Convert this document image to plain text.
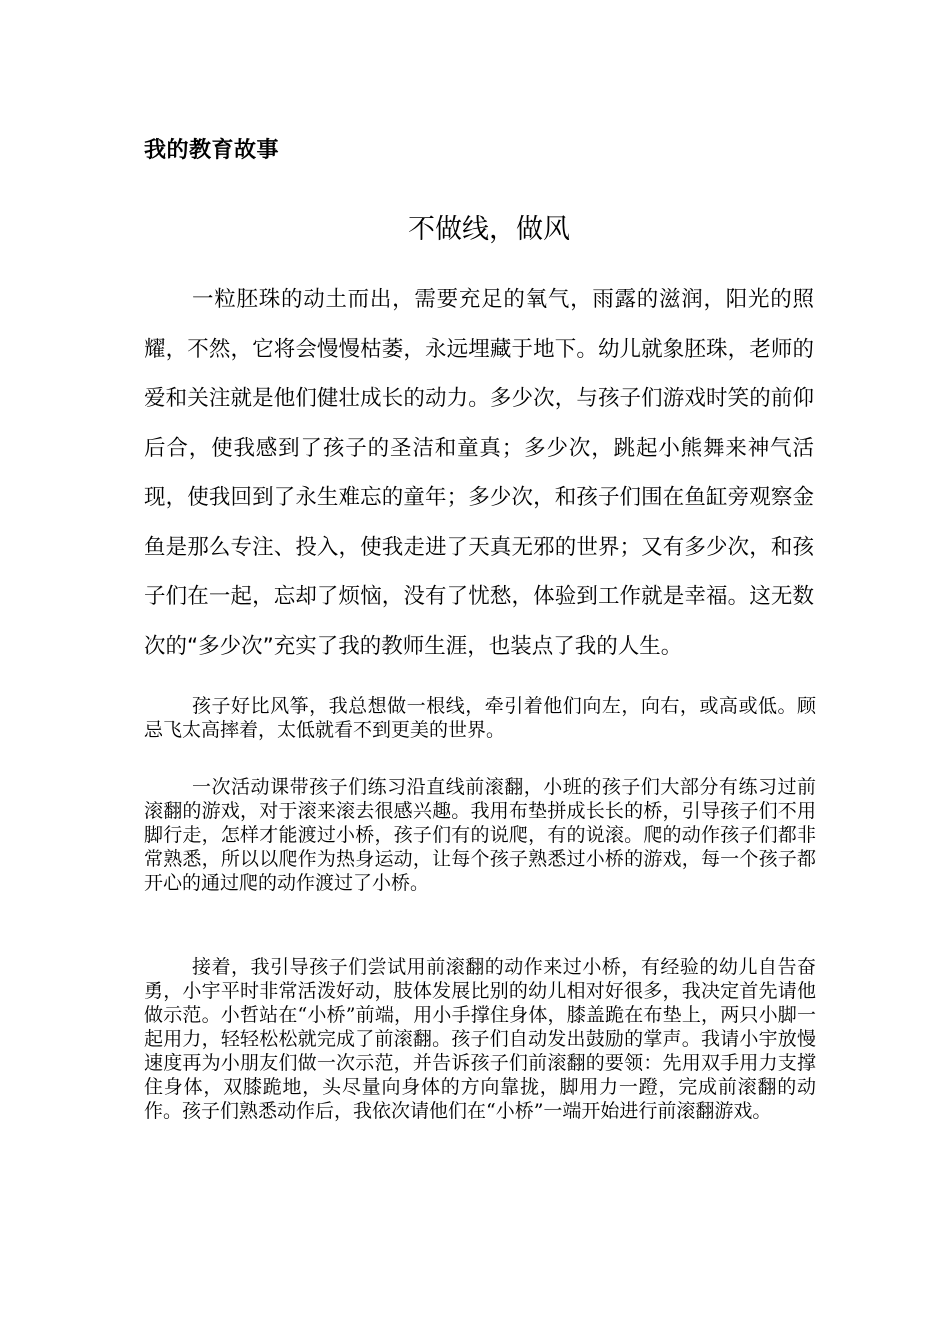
我的教育故事
不做线，做风

一粒胚珠的动土而出，需要充足的氧气，雨露的滋润，阳光的照耀，不然，它将会慢慢枯萎，永远埋藏于地下。幼儿就象胚珠，老师的爱和关注就是他们健壮成长的动力。多少次，与孩子们游戏时笑的前仰后合，使我感到了孩子的圣洁和童真；多少次，跳起小熊舞来神气活现，使我回到了永生难忘的童年；多少次，和孩子们围在鱼缸旁观察金鱼是那么专注、投入，使我走进了天真无邪的世界；又有多少次，和孩子们在一起，忘却了烦恼，没有了忧愁，体验到工作就是幸福。这无数次的“多少次”充实了我的教师生涯，也装点了我的人生。

孩子好比风筝，我总想做一根线，牵引着他们向左，向右，或高或低。顾忌飞太高摔着，太低就看不到更美的世界。

一次活动课带孩子们练习沿直线前滚翻，小班的孩子们大部分有练习过前滚翻的游戏，对于滚来滚去很感兴趣。我用布垫拼成长长的桥，引导孩子们不用脚行走，怎样才能渡过小桥，孩子们有的说爬，有的说滚。爬的动作孩子们都非常熟悉，所以以爬作为热身运动，让每个孩子熟悉过小桥的游戏，每一个孩子都开心的通过爬的动作渡过了小桥。

接着，我引导孩子们尝试用前滚翻的动作来过小桥，有经验的幼儿自告奋勇，小宇平时非常活泼好动，肢体发展比别的幼儿相对好很多，我决定首先请他做示范。小哲站在“小桥”前端，用小手撑住身体，膝盖跪在布垫上，两只小脚一起用力，轻轻松松就完成了前滚翻。孩子们自动发出鼓励的掌声。我请小宇放慢速度再为小朋友们做一次示范，并告诉孩子们前滚翻的要领：先用双手用力支撑住身体，双膝跪地，头尽量向身体的方向靠拢，脚用力一蹬，完成前滚翻的动作。孩子们熟悉动作后，我依次请他们在“小桥”一端开始进行前滚翻游戏。
